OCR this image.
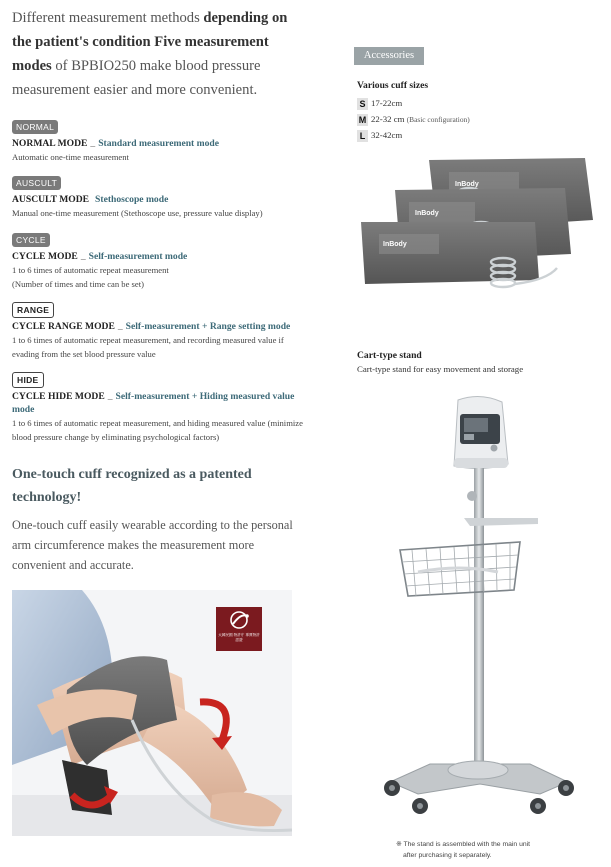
Different measurement methods depending on the patient's condition Five measurement modes of BPBIO250 make blood pressure measurement easier and more convenient.

NORMAL
NORMAL MODE _ Standard measurement mode
Automatic one-time measurement
AUSCULT
AUSCULT MODE Stethoscope mode
Manual one-time measurement (Stethoscope use, pressure value display)
CYCLE
CYCLE MODE _ Self-measurement mode
1 to 6 times of automatic repeat measurement
(Number of times and time can be set)
RANGE
CYCLE RANGE MODE _ Self-measurement + Range setting mode
1 to 6 times of automatic repeat measurement, and recording measured value if evading from the set blood pressure value
HIDE
CYCLE HIDE MODE _ Self-measurement + Hiding measured value mode
1 to 6 times of automatic repeat measurement, and hiding measured value (minimize blood pressure change by eliminating psychological factors)
One-touch cuff recognized as a patented technology!

One-touch cuff easily wearable according to the personal arm circumference makes the measurement more convenient and accurate.

大韓民國 特許庁 專賈特許 認證
Accessories
Various cuff sizes
S 17-22cm
M 22-32 cm (Basic configuration)
L 32-42cm
InBody
InBody
InBody
Cart-type stand
Cart-type stand for easy movement and storage
※ The stand is assembled with the main unit
after purchasing it separately.
